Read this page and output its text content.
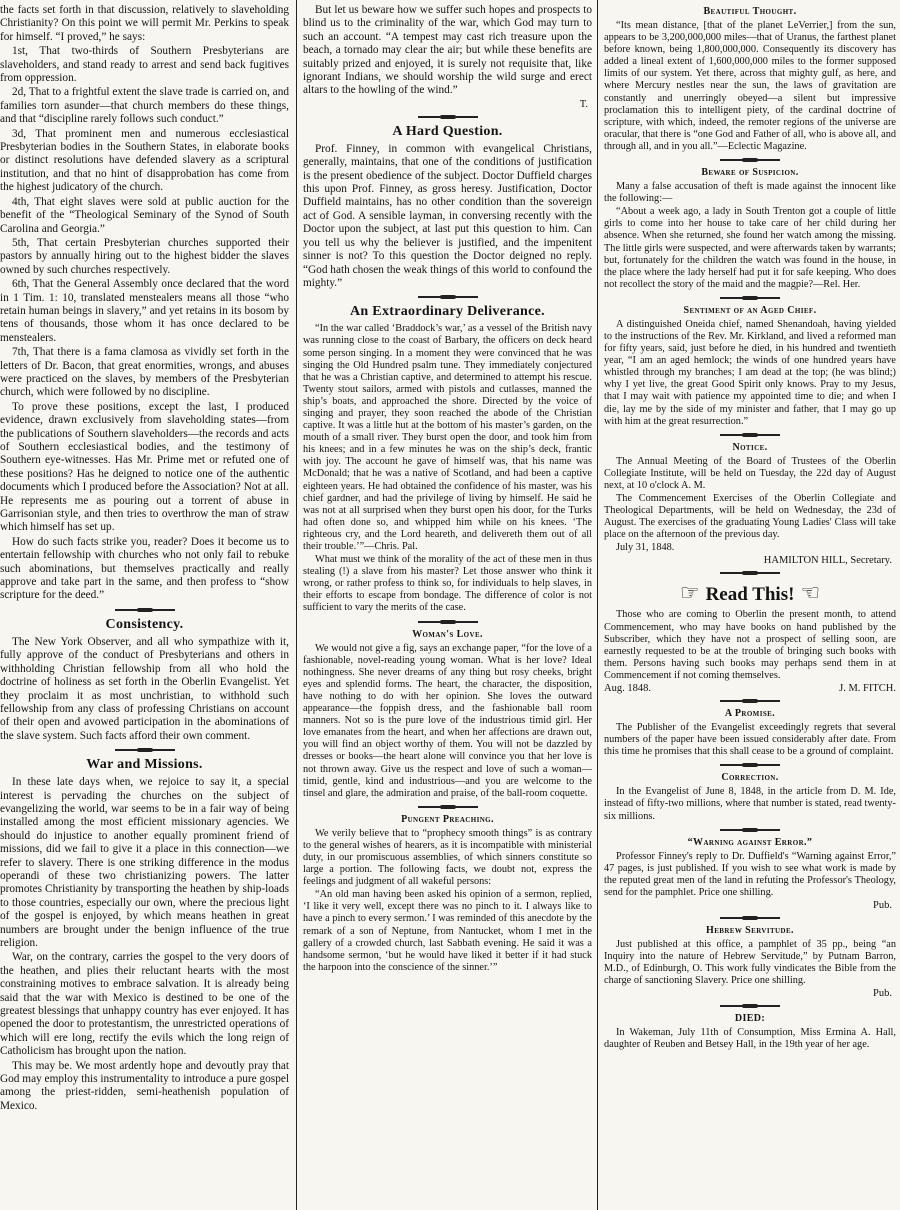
the facts set forth in that discussion, relatively to slaveholding Christianity? On this point we will permit Mr. Perkins to speak for himself. “I proved,” he says:

1st, That two-thirds of Southern Presbyterians are slaveholders, and stand ready to arrest and send back fugitives from oppression.

2d, That to a frightful extent the slave trade is carried on, and families torn asunder—that church members do these things, and that “discipline rarely follows such conduct.”

3d, That prominent men and numerous ecclesiastical Presbyterian bodies in the Southern States, in elaborate books or distinct resolutions have defended slavery as a scriptural institution, and that no hint of disapprobation has come from the highest judicatory of the church.

4th, That eight slaves were sold at public auction for the benefit of the “Theological Seminary of the Synod of South Carolina and Georgia.”

5th, That certain Presbyterian churches supported their pastors by annually hiring out to the highest bidder the slaves owned by such churches respectively.

6th, That the General Assembly once declared that the word in 1 Tim. 1: 10, translated menstealers means all those “who retain human beings in slavery,” and yet retains in its bosom by tens of thousands, those whom it has once declared to be menstealers.

7th, That there is a fama clamosa as vividly set forth in the letters of Dr. Bacon, that great enormities, wrongs, and abuses were practiced on the slaves, by members of the Presbyterian church, which were followed by no discipline.

To prove these positions, except the last, I produced evidence, drawn exclusively from slaveholding states—from the publications of Southern slaveholders—the records and acts of Southern ecclesiastical bodies, and the testimony of Southern eye-witnesses. Has Mr. Prime met or refuted one of these positions? Has he deigned to notice one of the authentic documents which I produced before the Association? Not at all. He represents me as pouring out a torrent of abuse in Garrisonian style, and then tries to overthrow the man of straw which himself has set up.

How do such facts strike you, reader? Does it become us to entertain fellowship with churches who not only fail to rebuke such abominations, but themselves practically and really approve and take part in the same, and then profess to “show scripture for the deed.”

Consistency.

The New York Observer, and all who sympathize with it, fully approve of the conduct of Presbyterians and others in withholding Christian fellowship from all who hold the doctrine of holiness as set forth in the Oberlin Evangelist. Yet they proclaim it as most unchristian, to withhold such fellowship from any class of professing Christians on account of their open and avowed participation in the abominations of the slave system. Such facts afford their own comment.

War and Missions.

In these late days when, we rejoice to say it, a special interest is pervading the churches on the subject of evangelizing the world, war seems to be in a fair way of being installed among the most efficient missionary agencies. We should do injustice to another equally prominent friend of missions, did we fail to give it a place in this connection—we refer to slavery. There is one striking difference in the modus operandi of these two christianizing powers. The latter promotes Christianity by transporting the heathen by ship-loads to those countries, especially our own, where the precious light of the gospel is enjoyed, by which means heathen in great numbers are brought under the benign influence of the true religion.

War, on the contrary, carries the gospel to the very doors of the heathen, and plies their reluctant hearts with the most constraining motives to embrace salvation. It is already being said that the war with Mexico is destined to be one of the greatest blessings that unhappy country has ever enjoyed. It has opened the door to protestantism, the unrestricted operations of which will ere long, rectify the evils which the long reign of Catholicism has brought upon the nation.

This may be. We most ardently hope and devoutly pray that God may employ this instrumentality to introduce a pure gospel among the priest-ridden, semi-heathenish population of Mexico.

But let us beware how we suffer such hopes and prospects to blind us to the criminality of the war, which God may turn to such an account. “A tempest may cast rich treasure upon the beach, a tornado may clear the air; but while these benefits are suitably prized and enjoyed, it is surely not requisite that, like ignorant Indians, we should worship the wild surge and erect altars to the howling of the wind.”

T.
A Hard Question.

Prof. Finney, in common with evangelical Christians, generally, maintains, that one of the conditions of justification is the present obedience of the subject. Doctor Duffield charges this upon Prof. Finney, as gross heresy. Justification, Doctor Duffield maintains, has no other condition than the sovereign act of God. A sensible layman, in conversing recently with the Doctor upon the subject, at last put this question to him. Can you tell us why the believer is justified, and the impenitent sinner is not? To this question the Doctor deigned no reply. “God hath chosen the weak things of this world to confound the mighty.”

An Extraordinary Deliverance.

“In the war called ‘Braddock’s war,’ as a vessel of the British navy was running close to the coast of Barbary, the officers on deck heard some person singing. In a moment they were convinced that he was singing the Old Hundred psalm tune. They immediately conjectured that he was a Christian captive, and determined to attempt his rescue. Twenty stout sailors, armed with pistols and cutlasses, manned the ship’s boats, and approached the shore. Directed by the voice of singing and prayer, they soon reached the abode of the Christian captive. It was a little hut at the bottom of his master’s garden, on the mouth of a small river. They burst open the door, and took him from his knees; and in a few minutes he was on the ship’s deck, frantic with joy. The account he gave of himself was, that his name was McDonald; that he was a native of Scotland, and had been a captive eighteen years. He had obtained the confidence of his master, was his chief gardner, and had the privilege of living by himself. He said he was not at all surprised when they burst open his door, for the Turks had often done so, and whipped him while on his knees. ‘The righteous cry, and the Lord heareth, and delivereth them out of all their trouble.’”—Chris. Pal.

What must we think of the morality of the act of these men in thus stealing (!) a slave from his master? Let those answer who think it wrong, or rather profess to think so, for individuals to help slaves, in their efforts to escape from bondage. The difference of color is not sufficient to vary the merits of the case.

Woman's Love.

We would not give a fig, says an exchange paper, “for the love of a fashionable, novel-reading young woman. What is her love? Ideal nothingness. She never dreams of any thing but rosy cheeks, bright eyes and splendid forms. The heart, the character, the disposition, have nothing to do with her opinion. She loves the outward appearance—the foppish dress, and the fashionable ball room manners. Not so is the pure love of the industrious timid girl. Her love emanates from the heart, and when her affections are drawn out, you will find an object worthy of them. You will not be dazzled by dresses or books—the heart alone will convince you that her love is not thrown away. Give us the respect and love of such a woman—timid, gentle, kind and industrious—and you are welcome to the tinsel and glare, the admiration and praise, of the ball-room coquette.

Pungent Preaching.

We verily believe that to “prophecy smooth things” is as contrary to the general wishes of hearers, as it is incompatible with ministerial duty, in our promiscuous assemblies, of which sinners constitute so large a portion. The following facts, we doubt not, express the feelings and judgment of all wakeful persons:

“An old man having been asked his opinion of a sermon, replied, ‘I like it very well, except there was no pinch to it. I always like to have a pinch to every sermon.’ I was reminded of this anecdote by the remark of a son of Neptune, from Nantucket, whom I met in the gallery of a crowded church, last Sabbath evening. He said it was a handsome sermon, ‘but he would have liked it better if it had stuck the harpoon into the conscience of the sinner.’”

Beautiful Thought.

“Its mean distance, [that of the planet LeVerrier,] from the sun, appears to be 3,200,000,000 miles—that of Uranus, the farthest planet before known, being 1,800,000,000. Consequently its discovery has added a lineal extent of 1,600,000,000 miles to the former supposed limits of our system. Yet there, across that mighty gulf, as here, and where Mercury nestles near the sun, the laws of gravitation are constantly and unerringly obeyed—a silent but impressive proclamation this to intelligent piety, of the cardinal doctrine of scripture, with which, indeed, the remoter regions of the universe are oracular, that there is “one God and Father of all, who is above all, and through all, and in you all.”—Eclectic Magazine.

Beware of Suspicion.

Many a false accusation of theft is made against the innocent like the following:—

“About a week ago, a lady in South Trenton got a couple of little girls to come into her house to take care of her child during her absence. When she returned, she found her watch among the missing. The little girls were suspected, and were afterwards taken by warrants; but, fortunately for the children the watch was found in the house, in the place where the lady herself had put it for safe keeping. Who does not recollect the story of the maid and the magpie?—Rel. Her.

Sentiment of an Aged Chief.

A distinguished Oneida chief, named Shenandoah, having yielded to the instructions of the Rev. Mr. Kirkland, and lived a reformed man for fifty years, said, just before he died, in his hundred and twentieth year, “I am an aged hemlock; the winds of one hundred years have whistled through my branches; I am dead at the top; (he was blind;) why I yet live, the great Good Spirit only knows. Pray to my Jesus, that I may wait with patience my appointed time to die; and when I die, lay me by the side of my minister and father, that I may go up with him at the great resurrection.”

Notice.

The Annual Meeting of the Board of Trustees of the Oberlin Collegiate Institute, will be held on Tuesday, the 22d day of August next, at 10 o'clock A. M.

The Commencement Exercises of the Oberlin Collegiate and Theological Departments, will be held on Wednesday, the 23d of August. The exercises of the graduating Young Ladies' Class will take place on the afternoon of the previous day.

July 31, 1848.

HAMILTON HILL, Secretary.
☞ Read This! ☜

Those who are coming to Oberlin the present month, to attend Commencement, who may have books on hand published by the Subscriber, which they have not a prospect of selling soon, are earnestly requested to be at the trouble of bringing such books with them. Persons having such books may perhaps send them in at Commencement if not coming themselves.

Aug. 1848.	J. M. FITCH.
A Promise.

The Publisher of the Evangelist exceedingly regrets that several numbers of the paper have been issued considerably after date. From this time he promises that this shall cease to be a ground of complaint.

Correction.

In the Evangelist of June 8, 1848, in the article from D. M. Ide, instead of fifty-two millions, where that number is stated, read twenty-six millions.

“Warning against Error.”

Professor Finney's reply to Dr. Duffield's “Warning against Error,” 47 pages, is just published. If you wish to see what work is made by the reputed great men of the land in refuting the Professor's Theology, send for the pamphlet. Price one shilling.

Pub.
Hebrew Servitude.

Just published at this office, a pamphlet of 35 pp., being “an Inquiry into the nature of Hebrew Servitude,” by Putnam Barron, M.D., of Edinburgh, O. This work fully vindicates the Bible from the charge of sanctioning Slavery. Price one shilling.

Pub.
DIED:

In Wakeman, July 11th of Consumption, Miss Ermina A. Hall, daughter of Reuben and Betsey Hall, in the 19th year of her age.
